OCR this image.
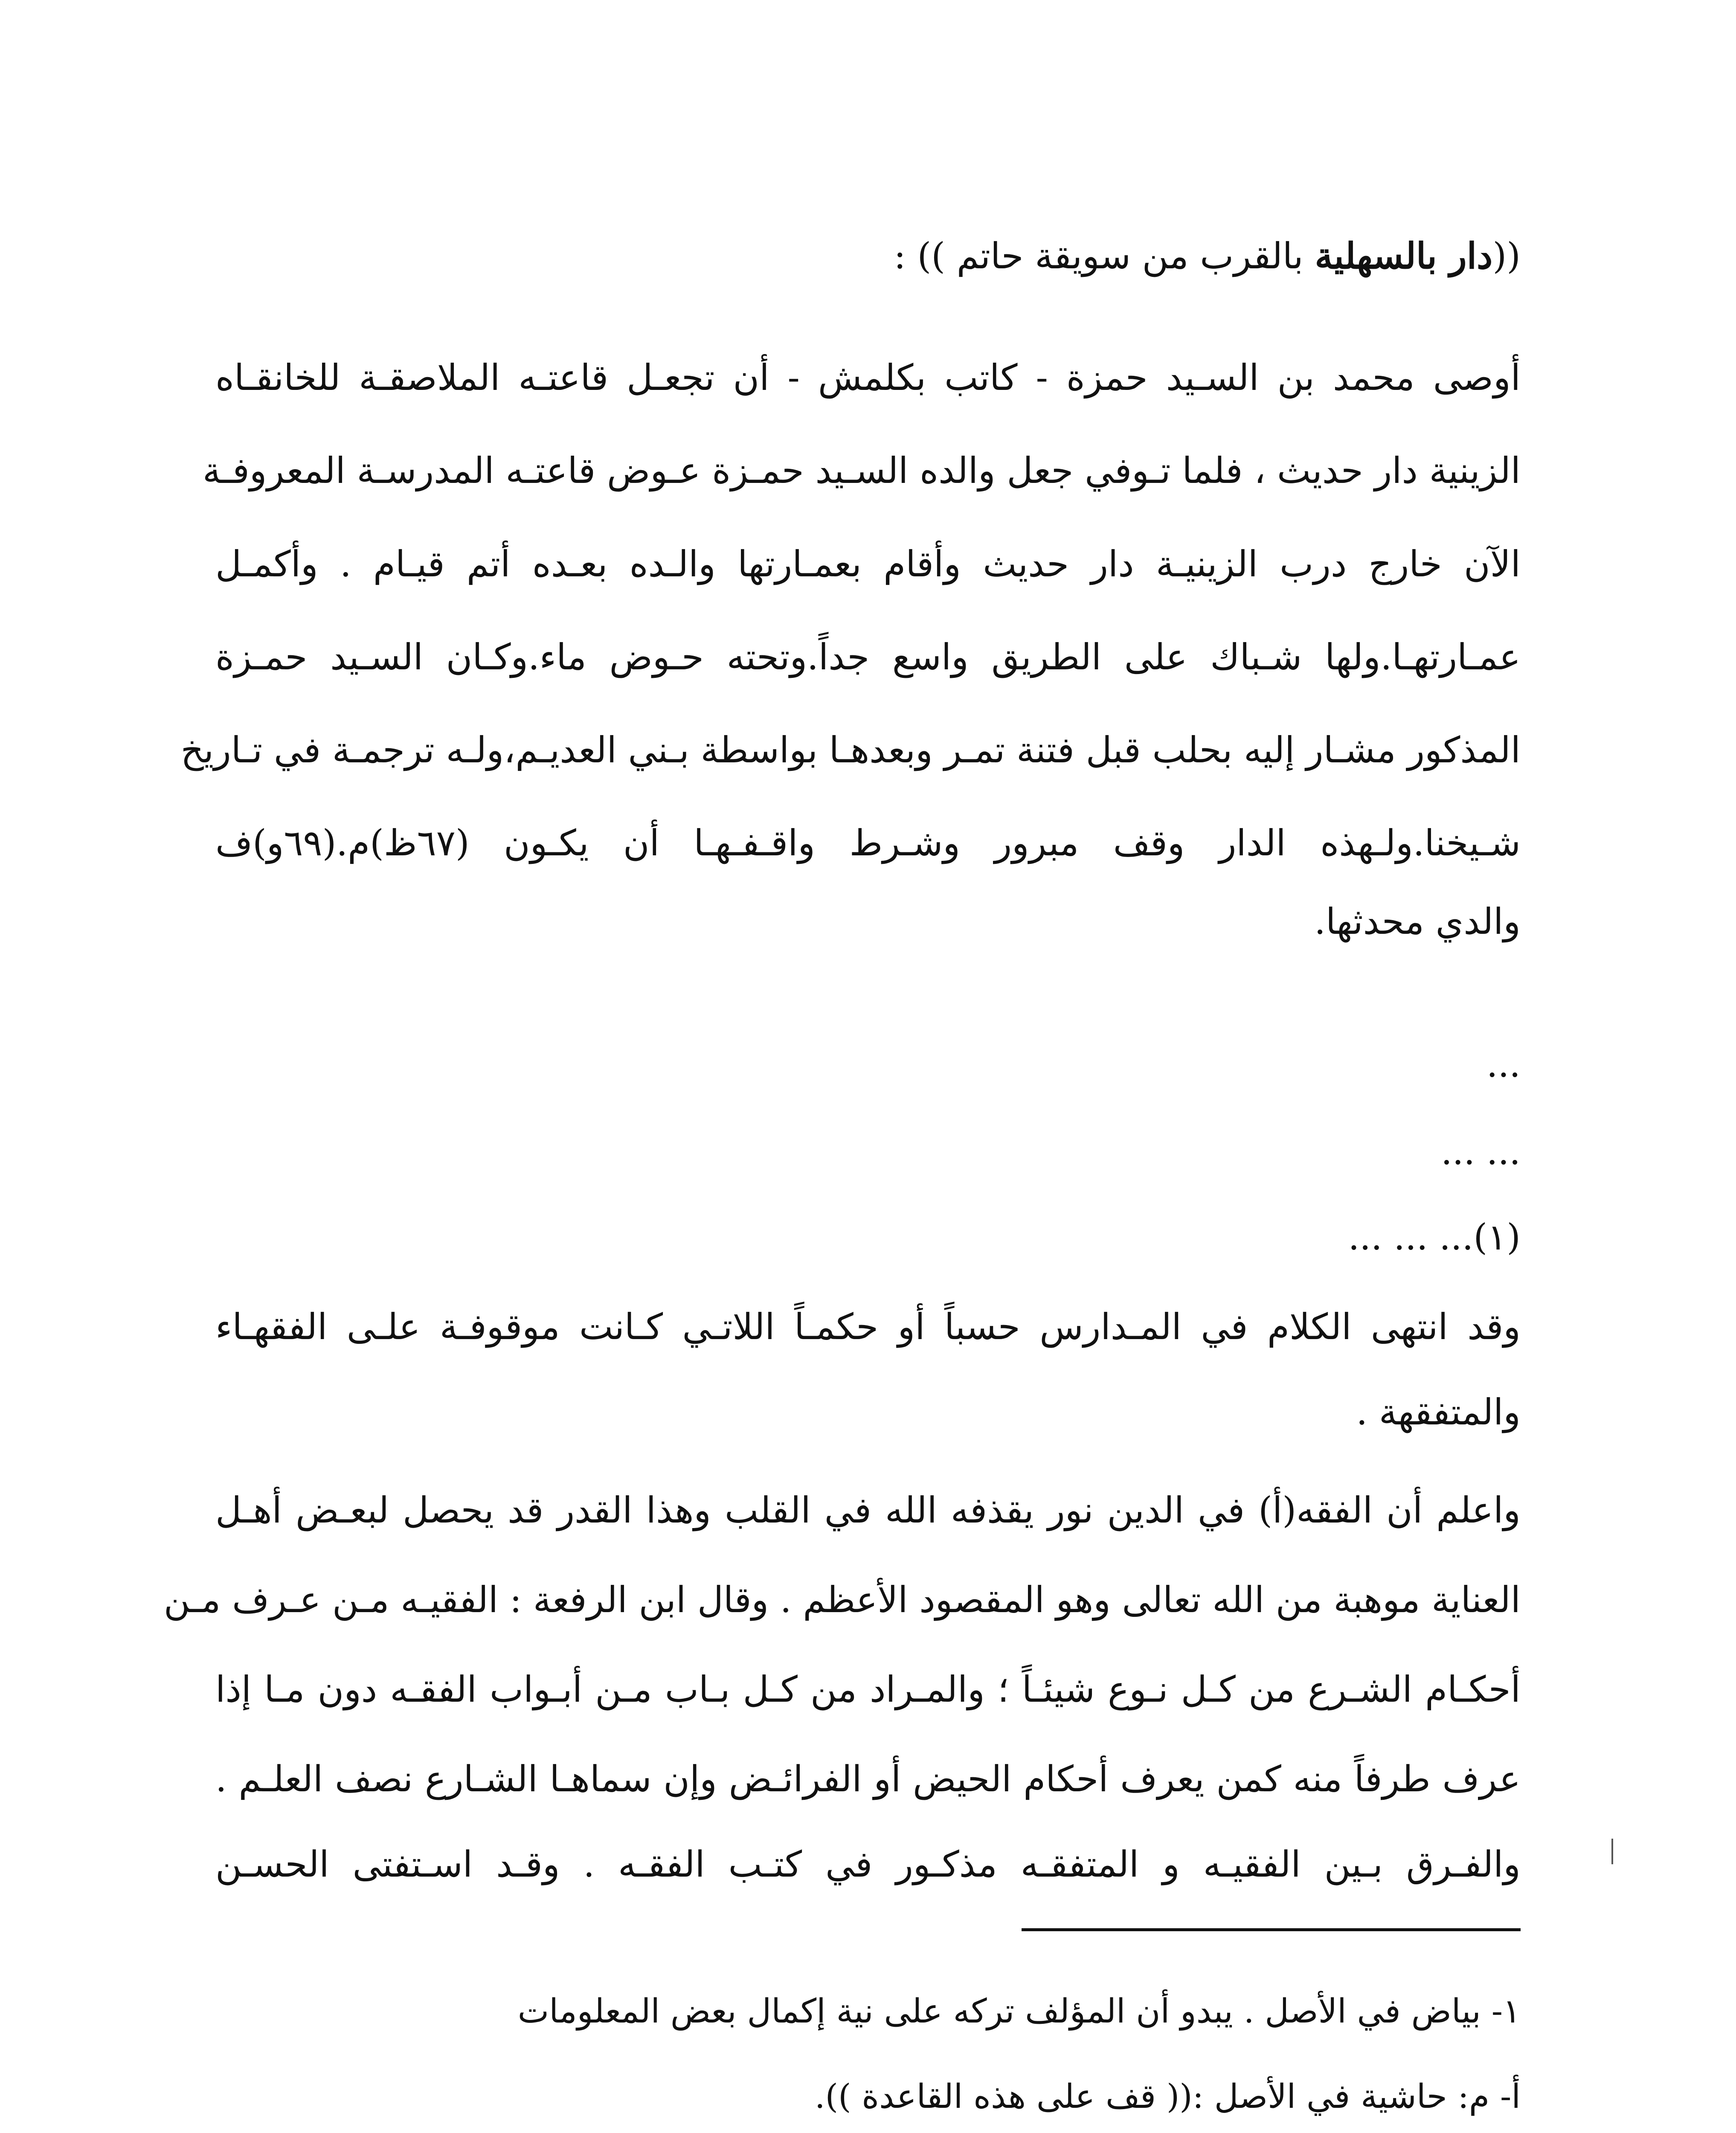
((دار بالسهلية بالقرب من سويقة حاتم )) :
أوصى محمد بن السـيد حمزة - كاتب بكلمش - أن تجعـل قاعتـه الملاصقـة للخانقـاه
الزينية دار حديث ، فلما تـوفي جعل والده السـيد حمـزة عـوض قاعتـه المدرسـة المعروفـة
الآن خارج درب الزينيـة دار حديث وأقام بعمـارتها والـده بعـده أتم قيـام . وأكمـل
عمـارتهـا.ولها شـباك على الطريق واسع جداً.وتحته حـوض ماء.وكـان السـيد حمـزة
المذكور مشـار إليه بحلب قبل فتنة تمـر وبعدهـا بواسطة بـني العديـم،ولـه ترجمـة في تـاريخ
شـيخنا.ولـهذه الدار وقف مبرور وشـرط واقـفـهـا أن يكـون (٦٧ظ)م.(٦٩و)ف
والدي محدثها.
...
... ...
... ... ...(١)
وقد انتهى الكلام في المـدارس حسباً أو حكمـاً اللاتـي كـانت موقوفـة علـى الفقهـاء
والمتفقهة .
واعلم أن الفقه(أ) في الدين نور يقذفه الله في القلب وهذا القدر قد يحصل لبعـض أهـل
العناية موهبة من الله تعالى وهو المقصود الأعظم . وقال ابن الرفعة : الفقيـه مـن عـرف مـن
أحكـام الشـرع من كـل نـوع شيئـاً ؛ والمـراد من كـل بـاب مـن أبـواب الفقـه دون مـا إذا
عرف طرفاً منه كمن يعرف أحكام الحيض أو الفرائـض وإن سماهـا الشـارع نصف العلـم .
والفـرق بـين الفقيـه و المتفقـه مذكـور في كتـب الفقـه . وقـد اسـتفتى الحسـن
١- بياض في الأصل . يبدو أن المؤلف تركه على نية إكمال بعض المعلومات
أ- م: حاشية في الأصل :(( قف على هذه القاعدة )).
